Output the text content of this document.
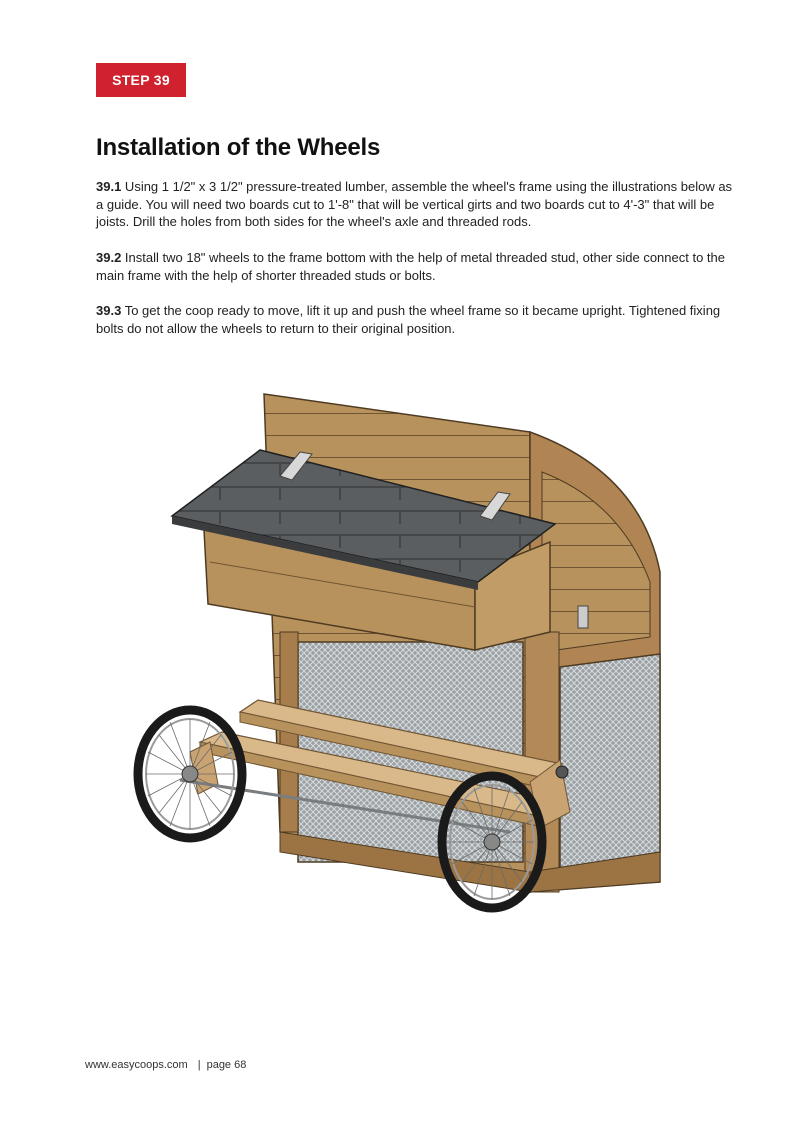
STEP 39
Installation of the Wheels

39.1 Using 1 1/2" x 3 1/2" pressure-treated lumber, assemble the wheel's frame using the illustrations below as a guide. You will need two boards cut to 1'-8" that will be vertical girts and two boards cut to 4'-3" that will be joists. Drill the holes from both sides for the wheel's axle and threaded rods.

39.2 Install two 18" wheels to the frame bottom with the help of metal threaded stud, other side connect to the main frame with the help of shorter threaded studs or bolts.

39.3 To get the coop ready to move, lift it up and push the wheel frame so it became upright. Tightened fixing bolts do not allow the wheels to return to their original position.

www.easycoops.com | page 68
